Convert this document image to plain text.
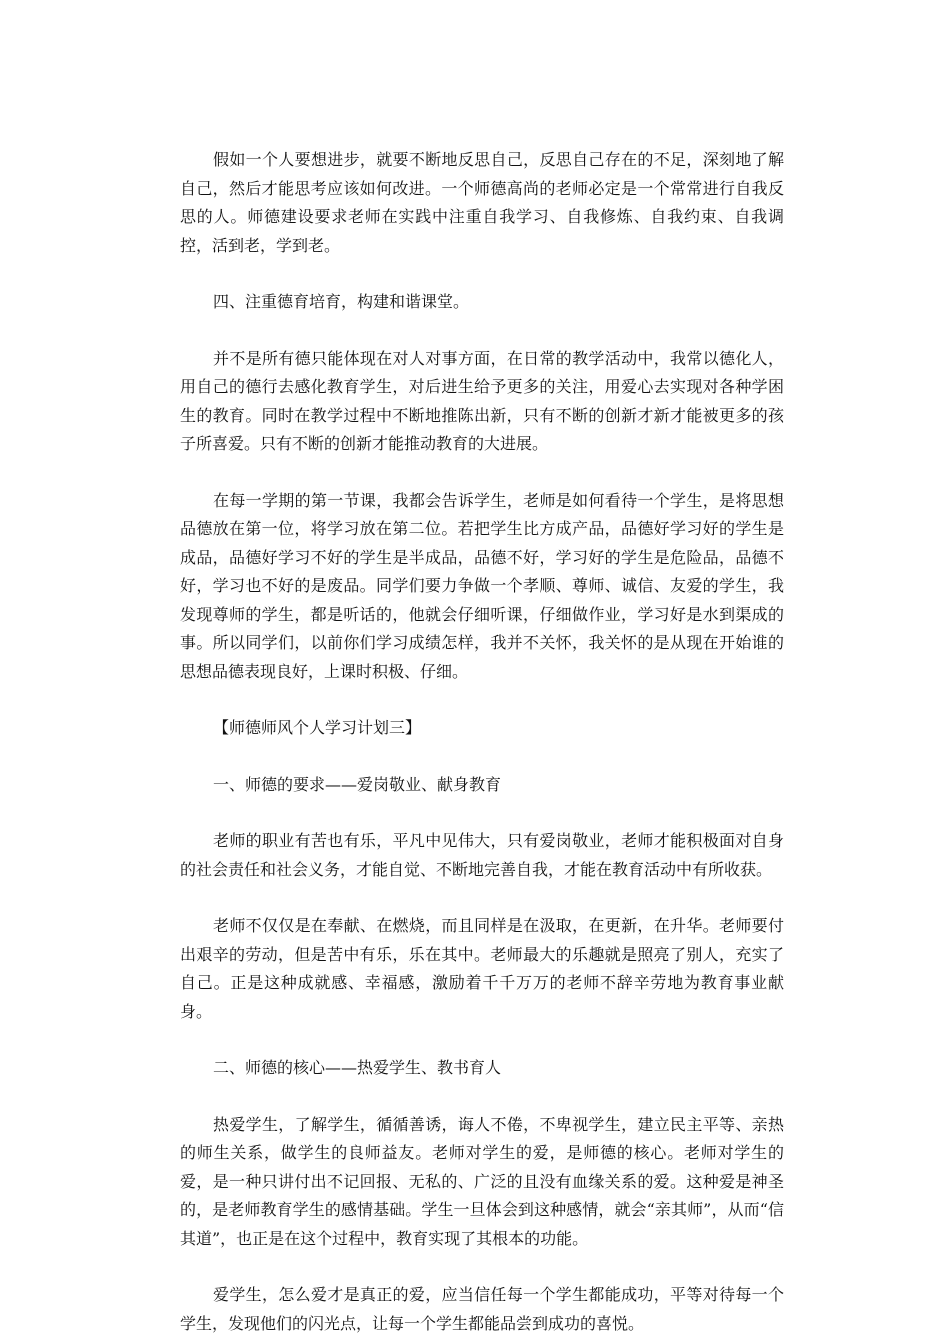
假如一个人要想进步，就要不断地反思自己，反思自己存在的不足，深刻地了解自己，然后才能思考应该如何改进。一个师德高尚的老师必定是一个常常进行自我反思的人。师德建设要求老师在实践中注重自我学习、自我修炼、自我约束、自我调控，活到老，学到老。

四、注重德育培育，构建和谐课堂。

并不是所有德只能体现在对人对事方面，在日常的教学活动中，我常以德化人，用自己的德行去感化教育学生，对后进生给予更多的关注，用爱心去实现对各种学困生的教育。同时在教学过程中不断地推陈出新，只有不断的创新才新才能被更多的孩子所喜爱。只有不断的创新才能推动教育的大进展。

在每一学期的第一节课，我都会告诉学生，老师是如何看待一个学生，是将思想品德放在第一位，将学习放在第二位。若把学生比方成产品，品德好学习好的学生是成品，品德好学习不好的学生是半成品，品德不好，学习好的学生是危险品，品德不好，学习也不好的是废品。同学们要力争做一个孝顺、尊师、诚信、友爱的学生，我发现尊师的学生，都是听话的，他就会仔细听课，仔细做作业，学习好是水到渠成的事。所以同学们，以前你们学习成绩怎样，我并不关怀，我关怀的是从现在开始谁的思想品德表现良好，上课时积极、仔细。

【师德师风个人学习计划三】

一、师德的要求——爱岗敬业、献身教育

老师的职业有苦也有乐，平凡中见伟大，只有爱岗敬业，老师才能积极面对自身的社会责任和社会义务，才能自觉、不断地完善自我，才能在教育活动中有所收获。

老师不仅仅是在奉献、在燃烧，而且同样是在汲取，在更新，在升华。老师要付出艰辛的劳动，但是苦中有乐，乐在其中。老师最大的乐趣就是照亮了别人，充实了自己。正是这种成就感、幸福感，激励着千千万万的老师不辞辛劳地为教育事业献身。

二、师德的核心——热爱学生、教书育人

热爱学生，了解学生，循循善诱，诲人不倦，不卑视学生，建立民主平等、亲热的师生关系，做学生的良师益友。老师对学生的爱，是师德的核心。老师对学生的爱，是一种只讲付出不记回报、无私的、广泛的且没有血缘关系的爱。这种爱是神圣的，是老师教育学生的感情基础。学生一旦体会到这种感情，就会“亲其师”，从而“信其道”，也正是在这个过程中，教育实现了其根本的功能。

爱学生，怎么爱才是真正的爱，应当信任每一个学生都能成功，平等对待每一个学生，发现他们的闪光点，让每一个学生都能品尝到成功的喜悦。
